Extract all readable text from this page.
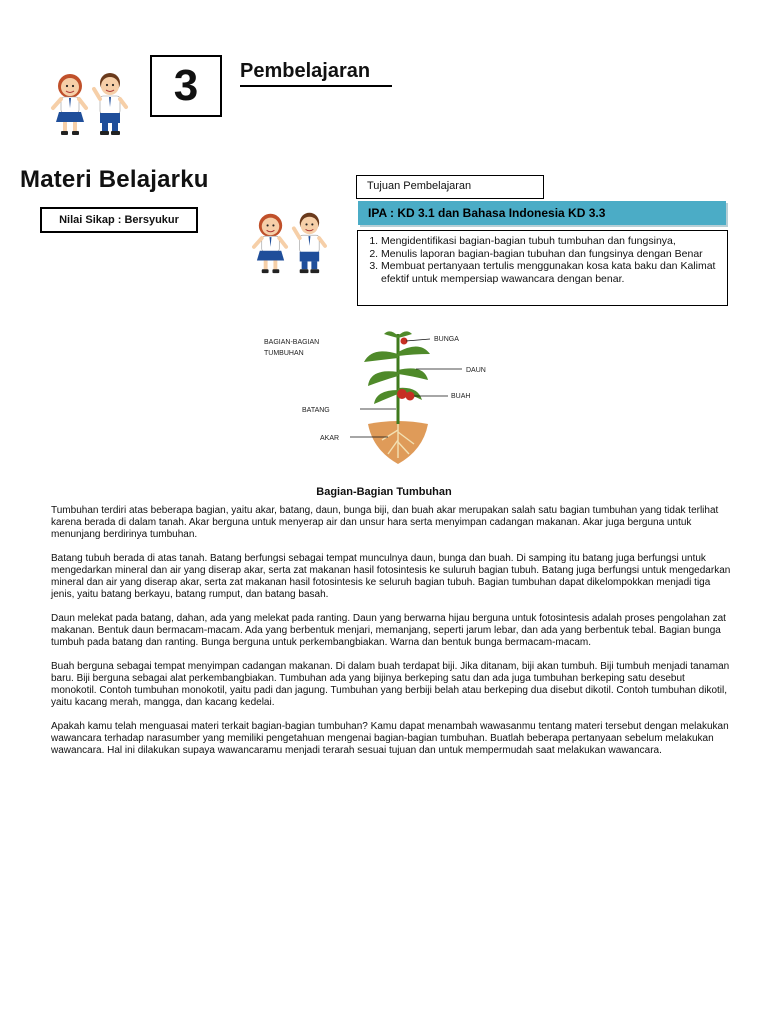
3 Pembelajaran
Materi Belajarku
Nilai Sikap : Bersyukur
Tujuan Pembelajaran
IPA : KD 3.1 dan Bahasa Indonesia KD 3.3
1. Mengidentifikasi bagian-bagian tubuh tumbuhan dan fungsinya,
2. Menulis laporan bagian-bagian tubuhan dan fungsinya dengan Benar
3. Membuat pertanyaan tertulis menggunakan kosa kata baku dan Kalimat efektif untuk mempersiap wawancara dengan benar.
BAGIAN-BAGIAN
TUMBUHAN
BUNGA
DAUN
BUAH
BATANG
AKAR
Bagian-Bagian Tumbuhan

Tumbuhan terdiri atas beberapa bagian, yaitu akar, batang, daun, bunga biji, dan buah akar merupakan salah satu bagian tumbuhan yang tidak terlihat karena berada di dalam tanah. Akar berguna untuk menyerap air dan unsur hara serta menyimpan cadangan makanan. Akar juga berguna untuk menunjang berdirinya tumbuhan.

Batang tubuh berada di atas tanah. Batang berfungsi sebagai tempat munculnya daun, bunga dan buah. Di samping itu batang juga berfungsi untuk mengedarkan mineral dan air yang diserap akar, serta zat makanan hasil fotosintesis ke suluruh bagian tubuh. Batang juga berfungsi untuk mengedarkan mineral dan air yang diserap akar, serta zat makanan hasil fotosintesis ke seluruh bagian tubuh. Bagian tumbuhan dapat dikelompokkan menjadi tiga jenis, yaitu batang berkayu, batang rumput, dan batang basah.

Daun melekat pada batang, dahan, ada yang melekat pada ranting. Daun yang berwarna hijau berguna untuk fotosintesis adalah proses pengolahan zat makanan. Bentuk daun bermacam-macam. Ada yang berbentuk menjari, memanjang, seperti jarum lebar, dan ada yang berbentuk tebal. Bagian bunga tumbuh pada batang dan ranting. Bunga berguna untuk perkembangbiakan. Warna dan bentuk bunga bermacam-macam.

Buah berguna sebagai tempat menyimpan cadangan makanan. Di dalam buah terdapat biji. Jika ditanam, biji akan tumbuh. Biji tumbuh menjadi tanaman baru. Biji berguna sebagai alat perkembangbiakan. Tumbuhan ada yang bijinya berkeping satu dan ada juga tumbuhan berkeping satu desebut monokotil. Contoh tumbuhan monokotil, yaitu padi dan jagung. Tumbuhan yang berbiji belah atau berkeping dua disebut dikotil. Contoh tumbuhan dikotil, yaitu kacang merah, mangga, dan kacang kedelai.

Apakah kamu telah menguasai materi terkait bagian-bagian tumbuhan? Kamu dapat menambah wawasanmu tentang materi tersebut dengan melakukan wawancara terhadap narasumber yang memiliki pengetahuan mengenai bagian-bagian tumbuhan. Buatlah beberapa pertanyaan sebelum melakukan wawancara. Hal ini dilakukan supaya wawancaramu menjadi terarah sesuai tujuan dan untuk mempermudah saat melakukan wawancara.
